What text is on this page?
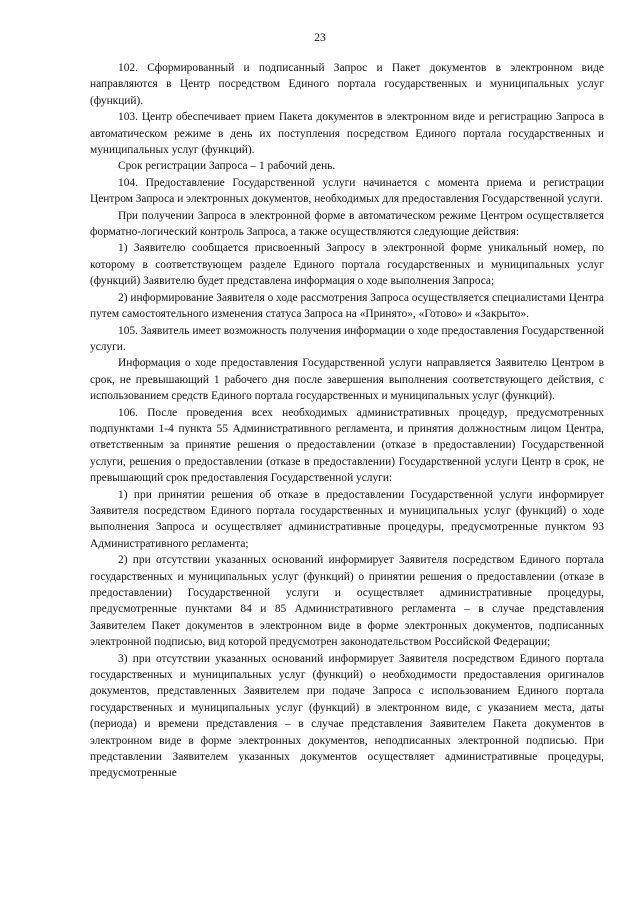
23

102. Сформированный и подписанный Запрос и Пакет документов в электронном виде направляются в Центр посредством Единого портала государственных и муниципальных услуг (функций).

103. Центр обеспечивает прием Пакета документов в электронном виде и регистрацию Запроса в автоматическом режиме в день их поступления посредством Единого портала государственных и муниципальных услуг (функций).

Срок регистрации Запроса – 1 рабочий день.

104. Предоставление Государственной услуги начинается с момента приема и регистрации Центром Запроса и электронных документов, необходимых для предоставления Государственной услуги.

При получении Запроса в электронной форме в автоматическом режиме Центром осуществляется форматно-логический контроль Запроса, а также осуществляются следующие действия:

1) Заявителю сообщается присвоенный Запросу в электронной форме уникальный номер, по которому в соответствующем разделе Единого портала государственных и муниципальных услуг (функций) Заявителю будет представлена информация о ходе выполнения Запроса;

2) информирование Заявителя о ходе рассмотрения Запроса осуществляется специалистами Центра путем самостоятельного изменения статуса Запроса на «Принято», «Готово» и «Закрыто».

105. Заявитель имеет возможность получения информации о ходе предоставления Государственной услуги.

Информация о ходе предоставления Государственной услуги направляется Заявителю Центром в срок, не превышающий 1 рабочего дня после завершения выполнения соответствующего действия, с использованием средств Единого портала государственных и муниципальных услуг (функций).

106. После проведения всех необходимых административных процедур, предусмотренных подпунктами 1-4 пункта 55 Административного регламента, и принятия должностным лицом Центра, ответственным за принятие решения о предоставлении (отказе в предоставлении) Государственной услуги, решения о предоставлении (отказе в предоставлении) Государственной услуги Центр в срок, не превышающий срок предоставления Государственной услуги:

1) при принятии решения об отказе в предоставлении Государственной услуги информирует Заявителя посредством Единого портала государственных и муниципальных услуг (функций) о ходе выполнения Запроса и осуществляет административные процедуры, предусмотренные пунктом 93 Административного регламента;

2) при отсутствии указанных оснований информирует Заявителя посредством Единого портала государственных и муниципальных услуг (функций) о принятии решения о предоставлении (отказе в предоставлении) Государственной услуги и осуществляет административные процедуры, предусмотренные пунктами 84 и 85 Административного регламента – в случае представления Заявителем Пакет документов в электронном виде в форме электронных документов, подписанных электронной подписью, вид которой предусмотрен законодательством Российской Федерации;

3) при отсутствии указанных оснований информирует Заявителя посредством Единого портала государственных и муниципальных услуг (функций) о необходимости предоставления оригиналов документов, представленных Заявителем при подаче Запроса с использованием Единого портала государственных и муниципальных услуг (функций) в электронном виде, с указанием места, даты (периода) и времени представления – в случае представления Заявителем Пакета документов в электронном виде в форме электронных документов, неподписанных электронной подписью. При представлении Заявителем указанных документов осуществляет административные процедуры, предусмотренные
